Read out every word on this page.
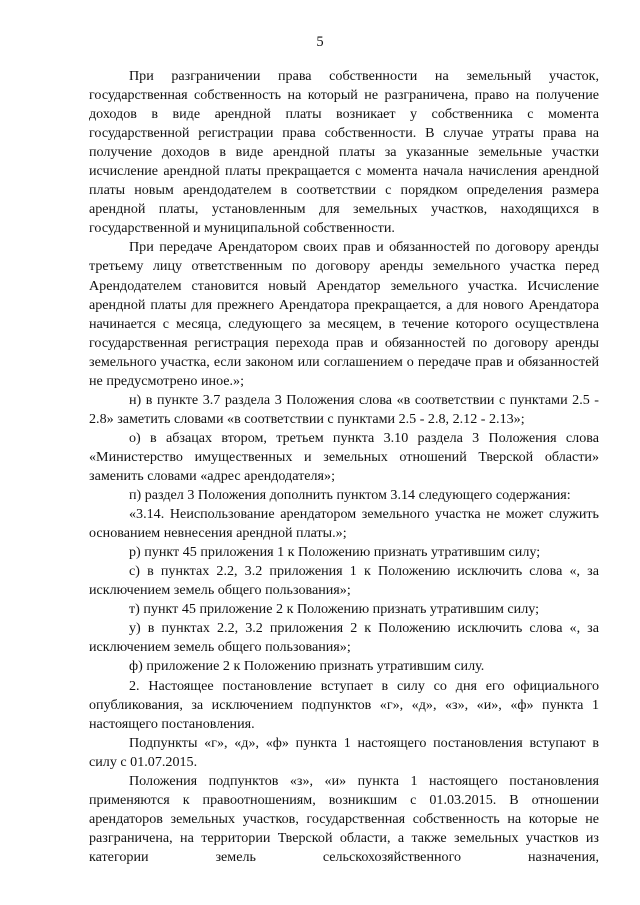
5

При разграничении права собственности на земельный участок, государственная собственность на который не разграничена, право на получение доходов в виде арендной платы возникает у собственника с момента государственной регистрации права собственности. В случае утраты права на получение доходов в виде арендной платы за указанные земельные участки исчисление арендной платы прекращается с момента начала начисления арендной платы новым арендодателем в соответствии с порядком определения размера арендной платы, установленным для земельных участков, находящихся в государственной и муниципальной собственности.

При передаче Арендатором своих прав и обязанностей по договору аренды третьему лицу ответственным по договору аренды земельного участка перед Арендодателем становится новый Арендатор земельного участка. Исчисление арендной платы для прежнего Арендатора прекращается, а для нового Арендатора начинается с месяца, следующего за месяцем, в течение которого осуществлена государственная регистрация перехода прав и обязанностей по договору аренды земельного участка, если законом или соглашением о передаче прав и обязанностей не предусмотрено иное.»;

н) в пункте 3.7 раздела 3 Положения слова «в соответствии с пунктами 2.5 - 2.8» заметить словами «в соответствии с пунктами 2.5 - 2.8, 2.12 - 2.13»;

о) в абзацах втором, третьем пункта 3.10 раздела 3 Положения слова «Министерство имущественных и земельных отношений Тверской области» заменить словами «адрес арендодателя»;

п) раздел 3 Положения дополнить пунктом 3.14 следующего содержания:

«3.14. Неиспользование арендатором земельного участка не может служить основанием невнесения арендной платы.»;

р) пункт 45 приложения 1 к Положению признать утратившим силу;

с) в пунктах 2.2, 3.2 приложения 1 к Положению исключить слова «, за исключением земель общего пользования»;

т) пункт 45 приложение 2 к Положению признать утратившим силу;

у) в пунктах 2.2, 3.2 приложения 2 к Положению исключить слова «, за исключением земель общего пользования»;

ф) приложение 2 к Положению признать утратившим силу.

2. Настоящее постановление вступает в силу со дня его официального опубликования, за исключением подпунктов «г», «д», «з», «и», «ф» пункта 1 настоящего постановления.

Подпункты «г», «д», «ф» пункта 1 настоящего постановления вступают в силу с 01.07.2015.

Положения подпунктов «з», «и» пункта 1 настоящего постановления применяются к правоотношениям, возникшим с 01.03.2015. В отношении арендаторов земельных участков, государственная собственность на которые не разграничена, на территории Тверской области, а также земельных участков из категории земель сельскохозяйственного назначения,
